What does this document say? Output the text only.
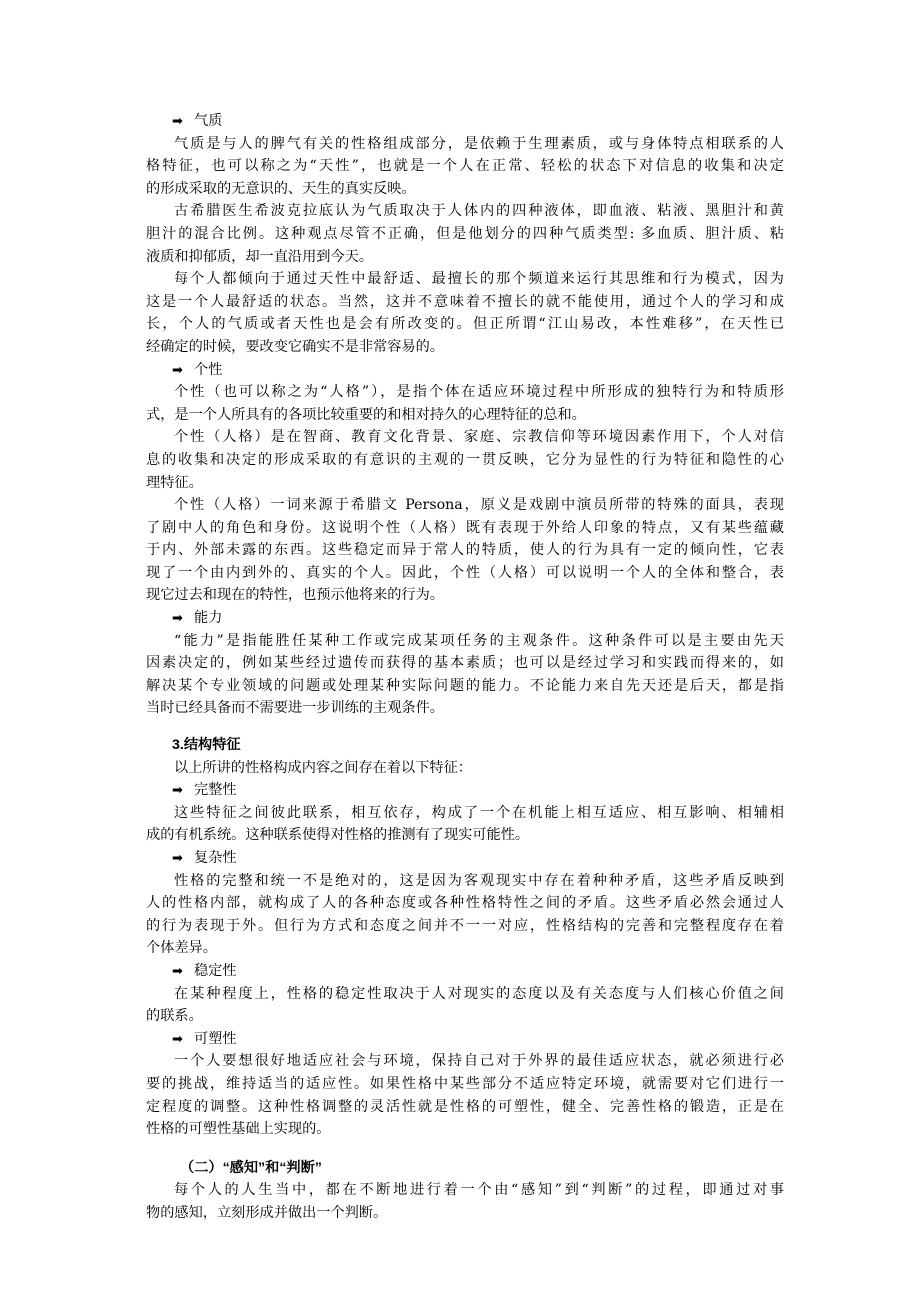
➡ 气质
气质是与人的脾气有关的性格组成部分，是依赖于生理素质，或与身体特点相联系的人
格特征，也可以称之为“天性”，也就是一个人在正常、轻松的状态下对信息的收集和决定
的形成采取的无意识的、天生的真实反映。
古希腊医生希波克拉底认为气质取决于人体内的四种液体，即血液、粘液、黑胆汁和黄
胆汁的混合比例。这种观点尽管不正确，但是他划分的四种气质类型: 多血质、胆汁质、粘
液质和抑郁质，却一直沿用到今天。
每个人都倾向于通过天性中最舒适、最擅长的那个频道来运行其思维和行为模式，因为
这是一个人最舒适的状态。当然，这并不意味着不擅长的就不能使用，通过个人的学习和成
长，个人的气质或者天性也是会有所改变的。但正所谓“江山易改，本性难移”，在天性已
经确定的时候，要改变它确实不是非常容易的。
➡ 个性
个性（也可以称之为“人格”），是指个体在适应环境过程中所形成的独特行为和特质形
式，是一个人所具有的各项比较重要的和相对持久的心理特征的总和。
个性（人格）是在智商、教育文化背景、家庭、宗教信仰等环境因素作用下，个人对信
息的收集和决定的形成采取的有意识的主观的一贯反映，它分为显性的行为特征和隐性的心
理特征。
个性（人格）一词来源于希腊文 Persona，原义是戏剧中演员所带的特殊的面具，表现
了剧中人的角色和身份。这说明个性（人格）既有表现于外给人印象的特点，又有某些蕴藏
于内、外部未露的东西。这些稳定而异于常人的特质，使人的行为具有一定的倾向性，它表
现了一个由内到外的、真实的个人。因此，个性（人格）可以说明一个人的全体和整合，表
现它过去和现在的特性，也预示他将来的行为。
➡ 能力
“能力”是指能胜任某种工作或完成某项任务的主观条件。这种条件可以是主要由先天
因素决定的，例如某些经过遗传而获得的基本素质；也可以是经过学习和实践而得来的，如
解决某个专业领域的问题或处理某种实际问题的能力。不论能力来自先天还是后天，都是指
当时已经具备而不需要进一步训练的主观条件。
3.结构特征
以上所讲的性格构成内容之间存在着以下特征：
➡ 完整性
这些特征之间彼此联系，相互依存，构成了一个在机能上相互适应、相互影响、相辅相
成的有机系统。这种联系使得对性格的推测有了现实可能性。
➡ 复杂性
性格的完整和统一不是绝对的，这是因为客观现实中存在着种种矛盾，这些矛盾反映到
人的性格内部，就构成了人的各种态度或各种性格特性之间的矛盾。这些矛盾必然会通过人
的行为表现于外。但行为方式和态度之间并不一一对应，性格结构的完善和完整程度存在着
个体差异。
➡ 稳定性
在某种程度上，性格的稳定性取决于人对现实的态度以及有关态度与人们核心价值之间
的联系。
➡ 可塑性
一个人要想很好地适应社会与环境，保持自己对于外界的最佳适应状态，就必须进行必
要的挑战，维持适当的适应性。如果性格中某些部分不适应特定环境，就需要对它们进行一
定程度的调整。这种性格调整的灵活性就是性格的可塑性，健全、完善性格的锻造，正是在
性格的可塑性基础上实现的。
（二）“感知”和“判断”
每个人的人生当中，都在不断地进行着一个由“感知”到“判断”的过程，即通过对事
物的感知，立刻形成并做出一个判断。
